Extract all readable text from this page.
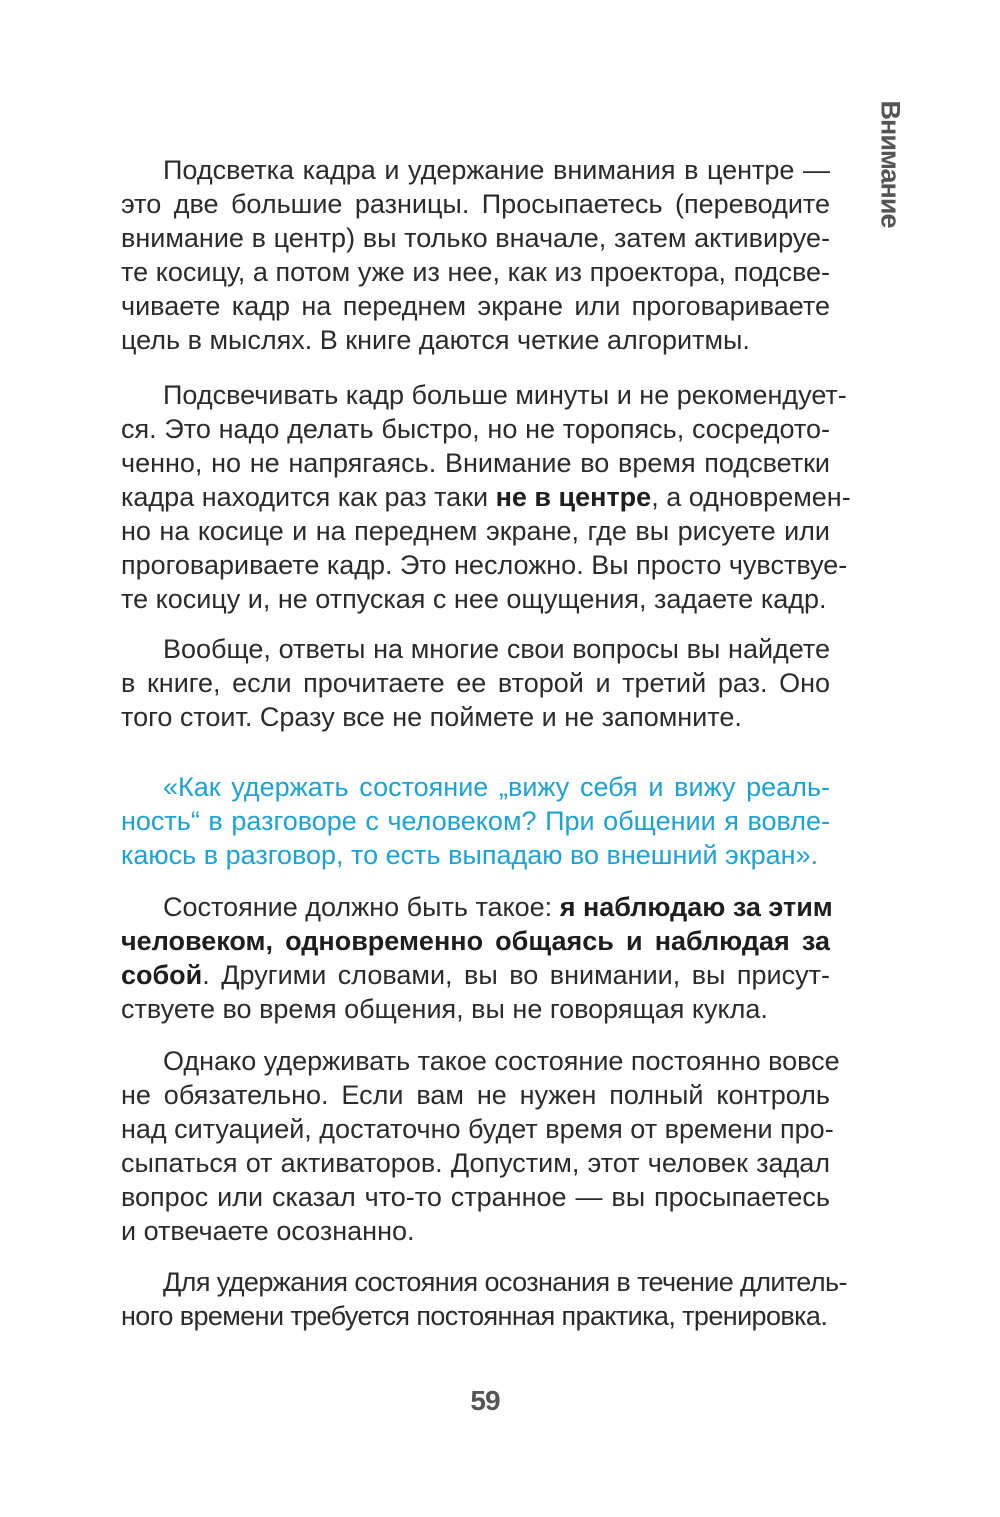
Внимание
Подсветка кадра и удержание внимания в центре —
это две большие разницы. Просыпаетесь (переводите
внимание в центр) вы только вначале, затем активируе-
те косицу, а потом уже из нее, как из проектора, подсве-
чиваете кадр на переднем экране или проговариваете
цель в мыслях. В книге даются четкие алгоритмы.
Подсвечивать кадр больше минуты и не рекомендует-
ся. Это надо делать быстро, но не торопясь, сосредото-
ченно, но не напрягаясь. Внимание во время подсветки
кадра находится как раз таки не в центре, а одновремен-
но на косице и на переднем экране, где вы рисуете или
проговариваете кадр. Это несложно. Вы просто чувствуе-
те косицу и, не отпуская с нее ощущения, задаете кадр.
Вообще, ответы на многие свои вопросы вы найдете
в книге, если прочитаете ее второй и третий раз. Оно
того стоит. Сразу все не поймете и не запомните.
«Как удержать состояние „вижу себя и вижу реаль-
ность“ в разговоре с человеком? При общении я вовле-
каюсь в разговор, то есть выпадаю во внешний экран».
Состояние должно быть такое: я наблюдаю за этим
человеком, одновременно общаясь и наблюдая за
собой. Другими словами, вы во внимании, вы присут-
ствуете во время общения, вы не говорящая кукла.
Однако удерживать такое состояние постоянно вовсе
не обязательно. Если вам не нужен полный контроль
над ситуацией, достаточно будет время от времени про-
сыпаться от активаторов. Допустим, этот человек задал
вопрос или сказал что-то странное — вы просыпаетесь
и отвечаете осознанно.
Для удержания состояния осознания в течение длитель-
ного времени требуется постоянная практика, тренировка.
59
